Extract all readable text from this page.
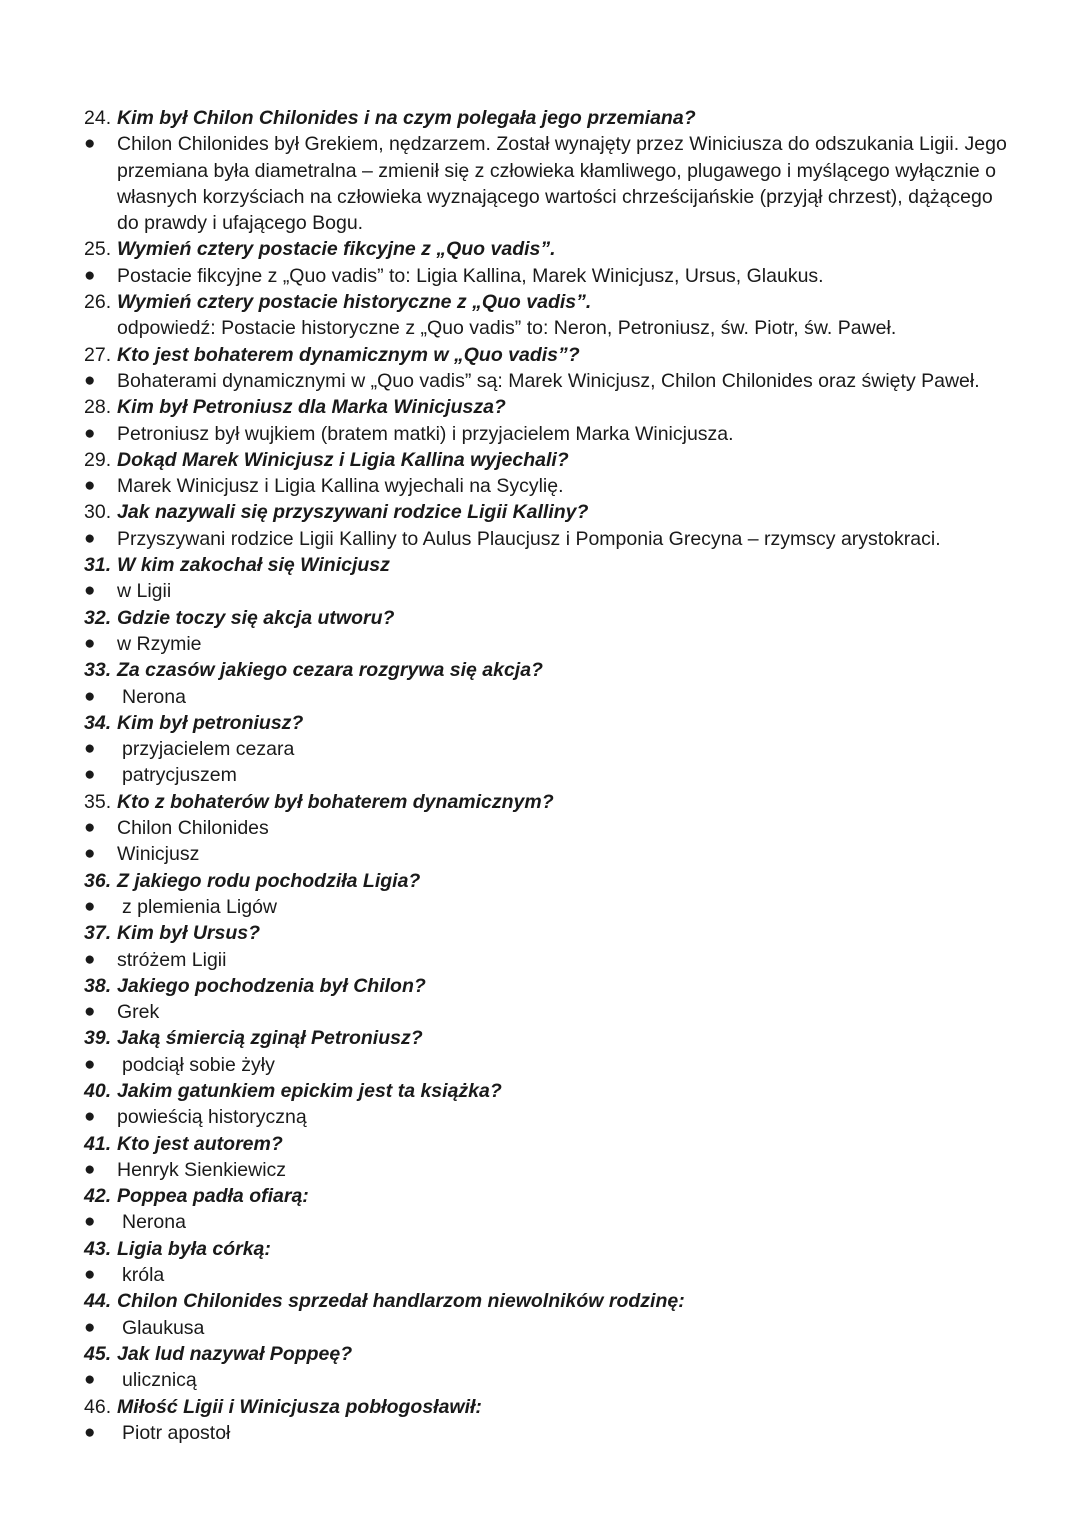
24. Kim był Chilon Chilonides i na czym polegała jego przemiana?
● Chilon Chilonides był Grekiem, nędzarzem. Został wynajęty przez Winiciusza do odszukania Ligii. Jego
przemiana była diametralna – zmienił się z człowieka kłamliwego, plugawego i myślącego wyłącznie o
własnych korzyściach na człowieka wyznającego wartości chrześcijańskie (przyjął chrzest), dążącego
do prawdy i ufającego Bogu.
25. Wymień cztery postacie fikcyjne z „Quo vadis”.
● Postacie fikcyjne z „Quo vadis” to: Ligia Kallina, Marek Winicjusz, Ursus, Glaukus.
26. Wymień cztery postacie historyczne z „Quo vadis”.
odpowiedź: Postacie historyczne z „Quo vadis” to: Neron, Petroniusz, św. Piotr, św. Paweł.
27. Kto jest bohaterem dynamicznym w „Quo vadis”?
● Bohaterami dynamicznymi w „Quo vadis” są: Marek Winicjusz, Chilon Chilonides oraz święty Paweł.
28. Kim był Petroniusz dla Marka Winicjusza?
● Petroniusz był wujkiem (bratem matki) i przyjacielem Marka Winicjusza.
29. Dokąd Marek Winicjusz i Ligia Kallina wyjechali?
● Marek Winicjusz i Ligia Kallina wyjechali na Sycylię.
30. Jak nazywali się przyszywani rodzice Ligii Kalliny?
● Przyszywani rodzice Ligii Kalliny to Aulus Plaucjusz i Pomponia Grecyna – rzymscy arystokraci.
31. W kim zakochał się Winicjusz
● w Ligii
32. Gdzie toczy się akcja utworu?
● w Rzymie
33. Za czasów jakiego cezara rozgrywa się akcja?
● Nerona
34. Kim był petroniusz?
● przyjacielem cezara
● patrycjuszem
35. Kto z bohaterów był bohaterem dynamicznym?
● Chilon Chilonides
● Winicjusz
36. Z jakiego rodu pochodziła Ligia?
● z plemienia Ligów
37. Kim był Ursus?
● stróżem Ligii
38. Jakiego pochodzenia był Chilon?
● Grek
39. Jaką śmiercią zginął Petroniusz?
● podciął sobie żyły
40. Jakim gatunkiem epickim jest ta książka?
● powieścią historyczną
41. Kto jest autorem?
● Henryk Sienkiewicz
42. Poppea padła ofiarą:
● Nerona
43. Ligia była córką:
● króla
44. Chilon Chilonides sprzedał handlarzom niewolników rodzinę:
● Glaukusa
45. Jak lud nazywał Poppeę?
● ulicznicą
46. Miłość Ligii i Winicjusza pobłogosławił:
● Piotr apostoł
